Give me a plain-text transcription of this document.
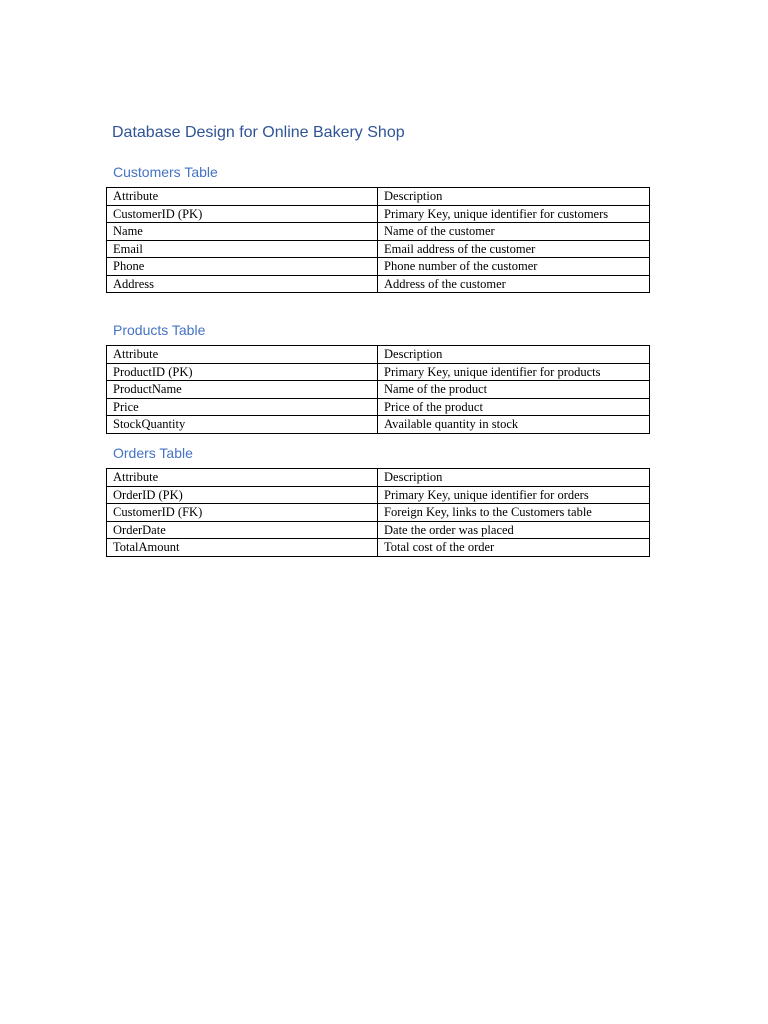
Database Design for Online Bakery Shop
Customers Table
Attribute	Description
CustomerID (PK)	Primary Key, unique identifier for customers
Name	Name of the customer
Email	Email address of the customer
Phone	Phone number of the customer
Address	Address of the customer
Products Table
Attribute	Description
ProductID (PK)	Primary Key, unique identifier for products
ProductName	Name of the product
Price	Price of the product
StockQuantity	Available quantity in stock
Orders Table
Attribute	Description
OrderID (PK)	Primary Key, unique identifier for orders
CustomerID (FK)	Foreign Key, links to the Customers table
OrderDate	Date the order was placed
TotalAmount	Total cost of the order
